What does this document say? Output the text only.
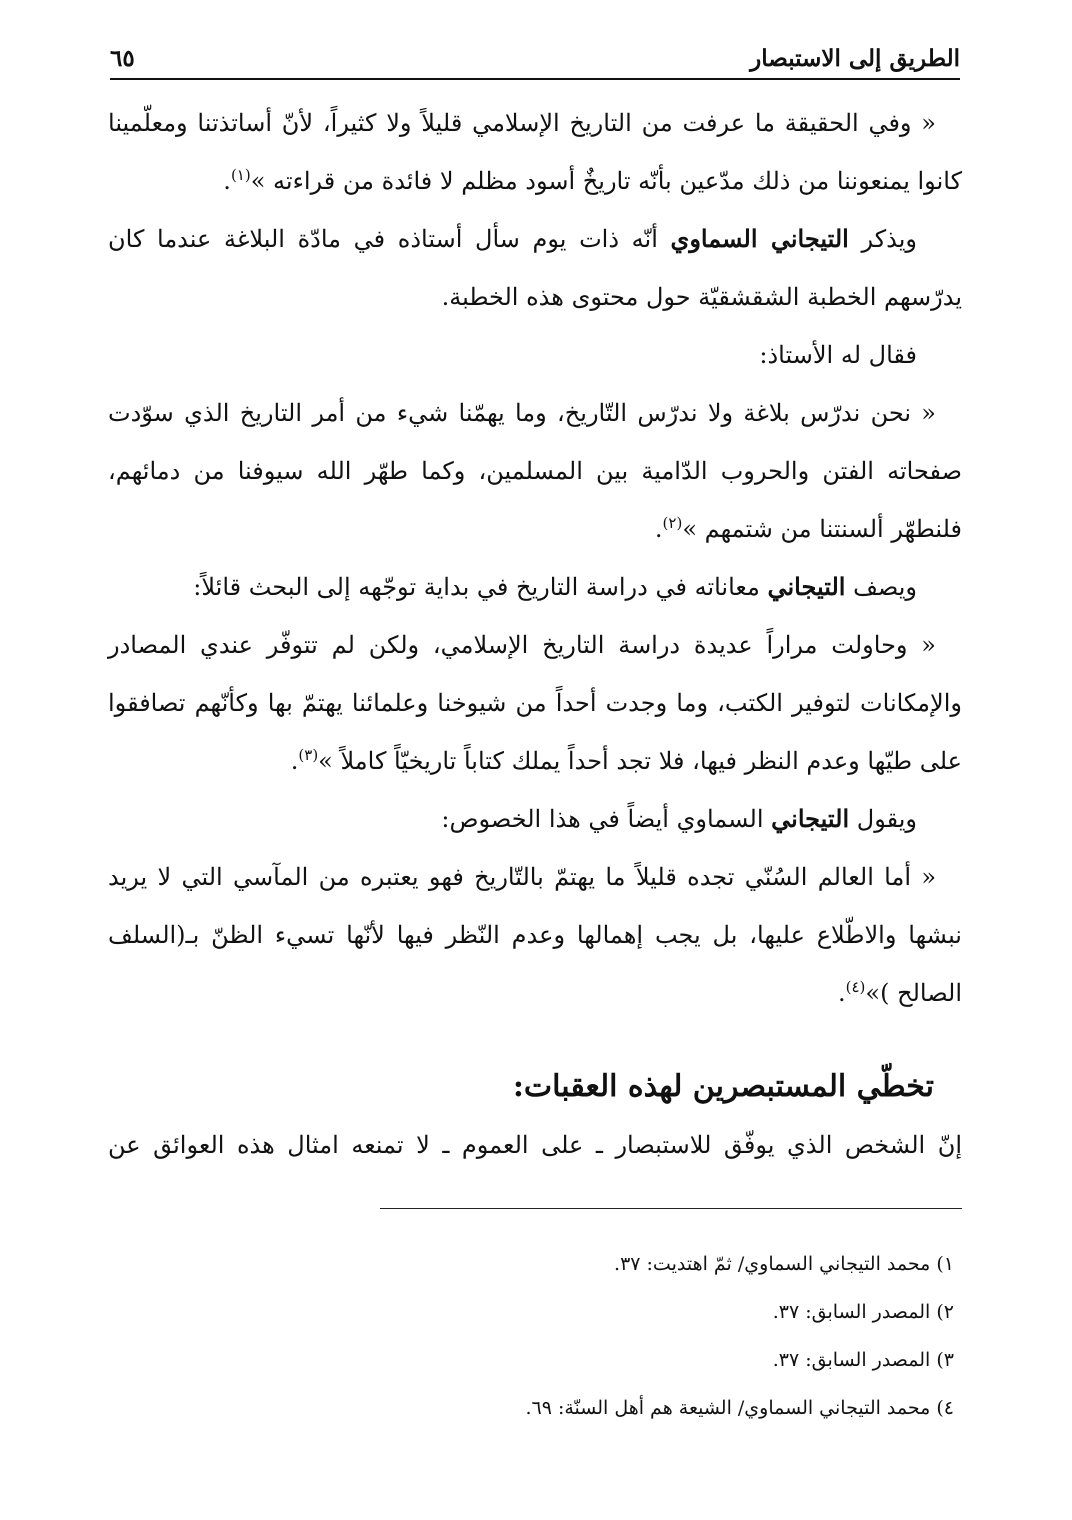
الطريق إلى الاستبصار
٦٥

« وفي الحقيقة ما عرفت من التاريخ الإسلامي قليلاً ولا كثيراً، لأنّ أساتذتنا ومعلّمينا كانوا يمنعوننا من ذلك مدّعين بأنّه تاريخٌ أسود مظلم لا فائدة من قراءته »$^{(١)}$.

ويذكر التيجاني السماوي أنّه ذات يوم سأل أستاذه في مادّة البلاغة عندما كان يدرّسهم الخطبة الشقشقيّة حول محتوى هذه الخطبة.

فقال له الأستاذ:

« نحن ندرّس بلاغة ولا ندرّس التّاريخ، وما يهمّنا شيء من أمر التاريخ الذي سوّدت صفحاته الفتن والحروب الدّامية بين المسلمين، وكما طهّر الله سيوفنا من دمائهم، فلنطهّر ألسنتنا من شتمهم »$^{(٢)}$.

ويصف التيجاني معاناته في دراسة التاريخ في بداية توجّهه إلى البحث قائلاً:

« وحاولت مراراً عديدة دراسة التاريخ الإسلامي، ولكن لم تتوفّر عندي المصادر والإمكانات لتوفير الكتب، وما وجدت أحداً من شيوخنا وعلمائنا يهتمّ بها وكأنّهم تصافقوا على طيّها وعدم النظر فيها، فلا تجد أحداً يملك كتاباً تاريخيّاً كاملاً »$^{(٣)}$.

ويقول التيجاني السماوي أيضاً في هذا الخصوص:

« أما العالم السُنّي تجده قليلاً ما يهتمّ بالتّاريخ فهو يعتبره من المآسي التي لا يريد نبشها والاطّلاع عليها، بل يجب إهمالها وعدم النّظر فيها لأنّها تسيء الظنّ بـ(السلف الصالح )»$^{(٤)}$.

تخطّي المستبصرين لهذه العقبات:
إنّ الشخص الذي يوفّق للاستبصار ـ على العموم ـ لا تمنعه امثال هذه العوائق عن
١) محمد التيجاني السماوي/ ثمّ اهتديت: ٣٧.
٢) المصدر السابق: ٣٧.
٣) المصدر السابق: ٣٧.
٤) محمد التيجاني السماوي/ الشيعة هم أهل السنّة: ٦٩.
